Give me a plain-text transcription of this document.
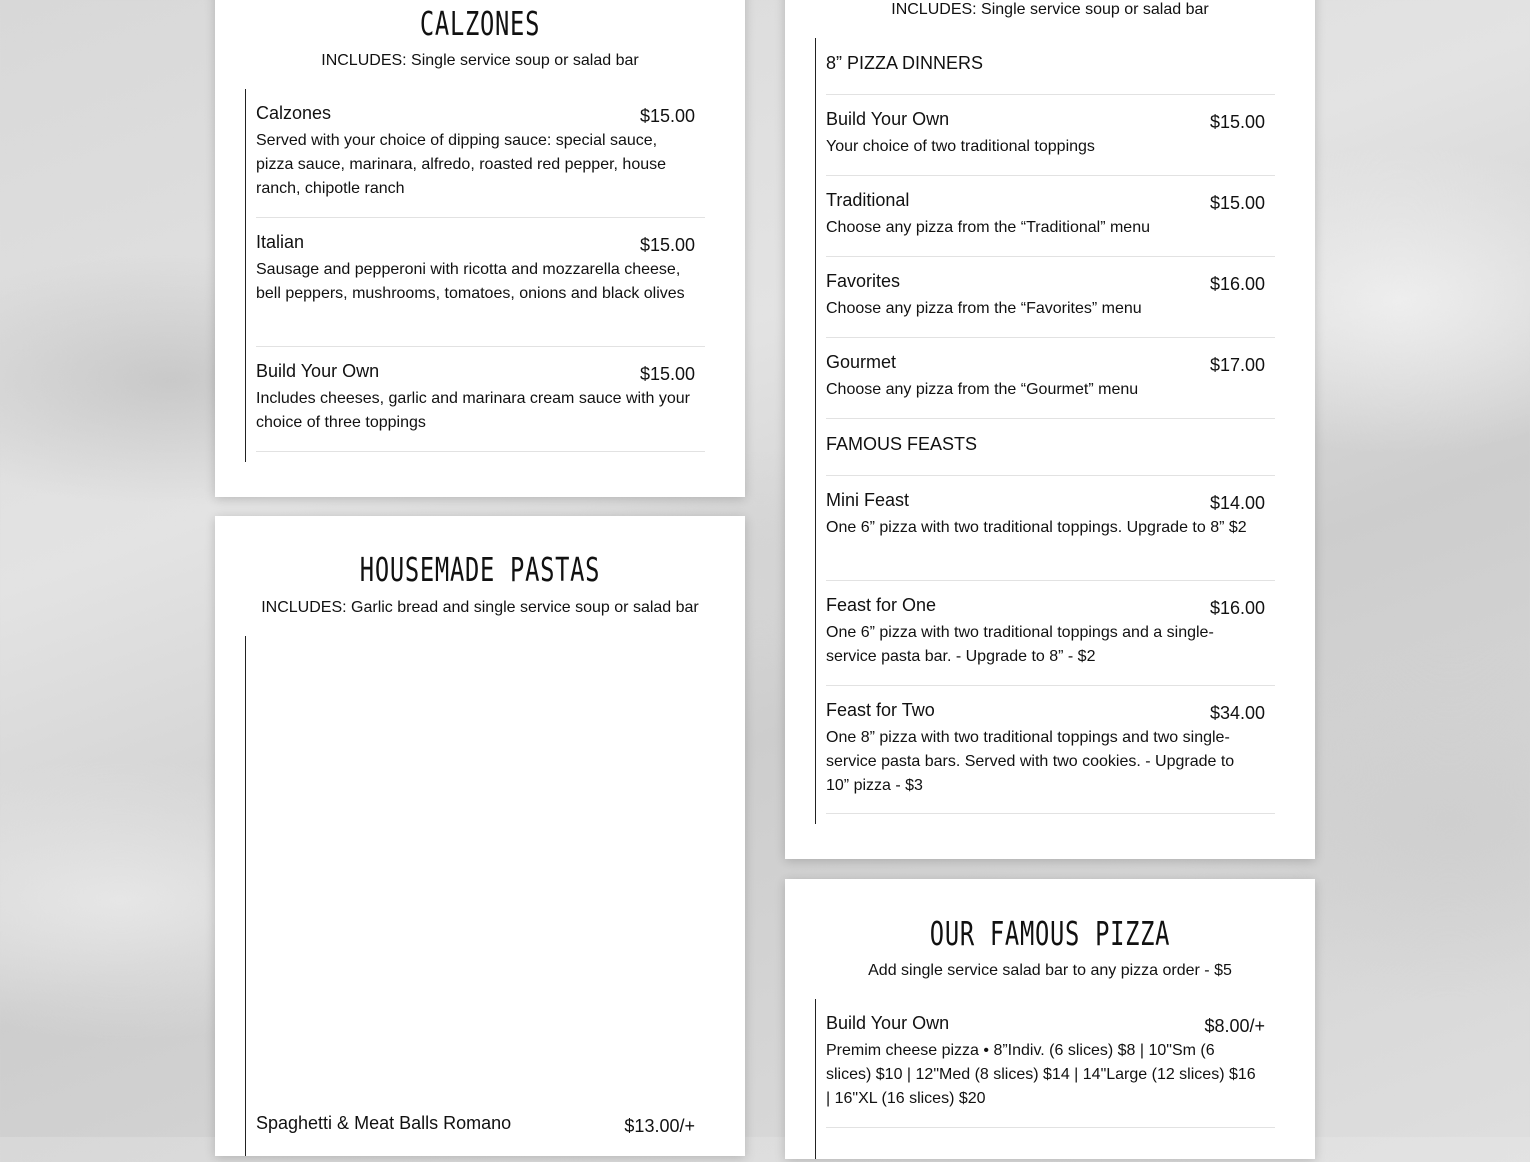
CALZONES

INCLUDES: Single service soup or salad bar

Calzones	$15.00
Served with your choice of dipping sauce: special sauce, pizza sauce, marinara, alfredo, roasted red pepper, house ranch, chipotle ranch
Italian	$15.00
Sausage and pepperoni with ricotta and mozzarella cheese, bell peppers, mushrooms, tomatoes, onions and black olives
Build Your Own	$15.00
Includes cheeses, garlic and marinara cream sauce with your choice of three toppings
HOUSEMADE PASTAS

INCLUDES: Garlic bread and single service soup or salad bar

Spaghetti & Meat Balls Romano	$13.00/+

INCLUDES: Single service soup or salad bar

8” PIZZA DINNERS
Build Your Own	$15.00
Your choice of two traditional toppings
Traditional	$15.00
Choose any pizza from the “Traditional” menu
Favorites	$16.00
Choose any pizza from the “Favorites” menu
Gourmet	$17.00
Choose any pizza from the “Gourmet” menu
FAMOUS FEASTS
Mini Feast	$14.00
One 6” pizza with two traditional toppings. Upgrade to 8” $2
Feast for One	$16.00
One 6” pizza with two traditional toppings and a single-service pasta bar. - Upgrade to 8” - $2
Feast for Two	$34.00
One 8” pizza with two traditional toppings and two single-service pasta bars. Served with two cookies. - Upgrade to 10” pizza - $3
OUR FAMOUS PIZZA

Add single service salad bar to any pizza order - $5

Build Your Own	$8.00/+
Premim cheese pizza • 8”Indiv. (6 slices) $8 | 10"Sm (6 slices) $10 | 12"Med (8 slices) $14 | 14"Large (12 slices) $16 | 16"XL (16 slices) $20
